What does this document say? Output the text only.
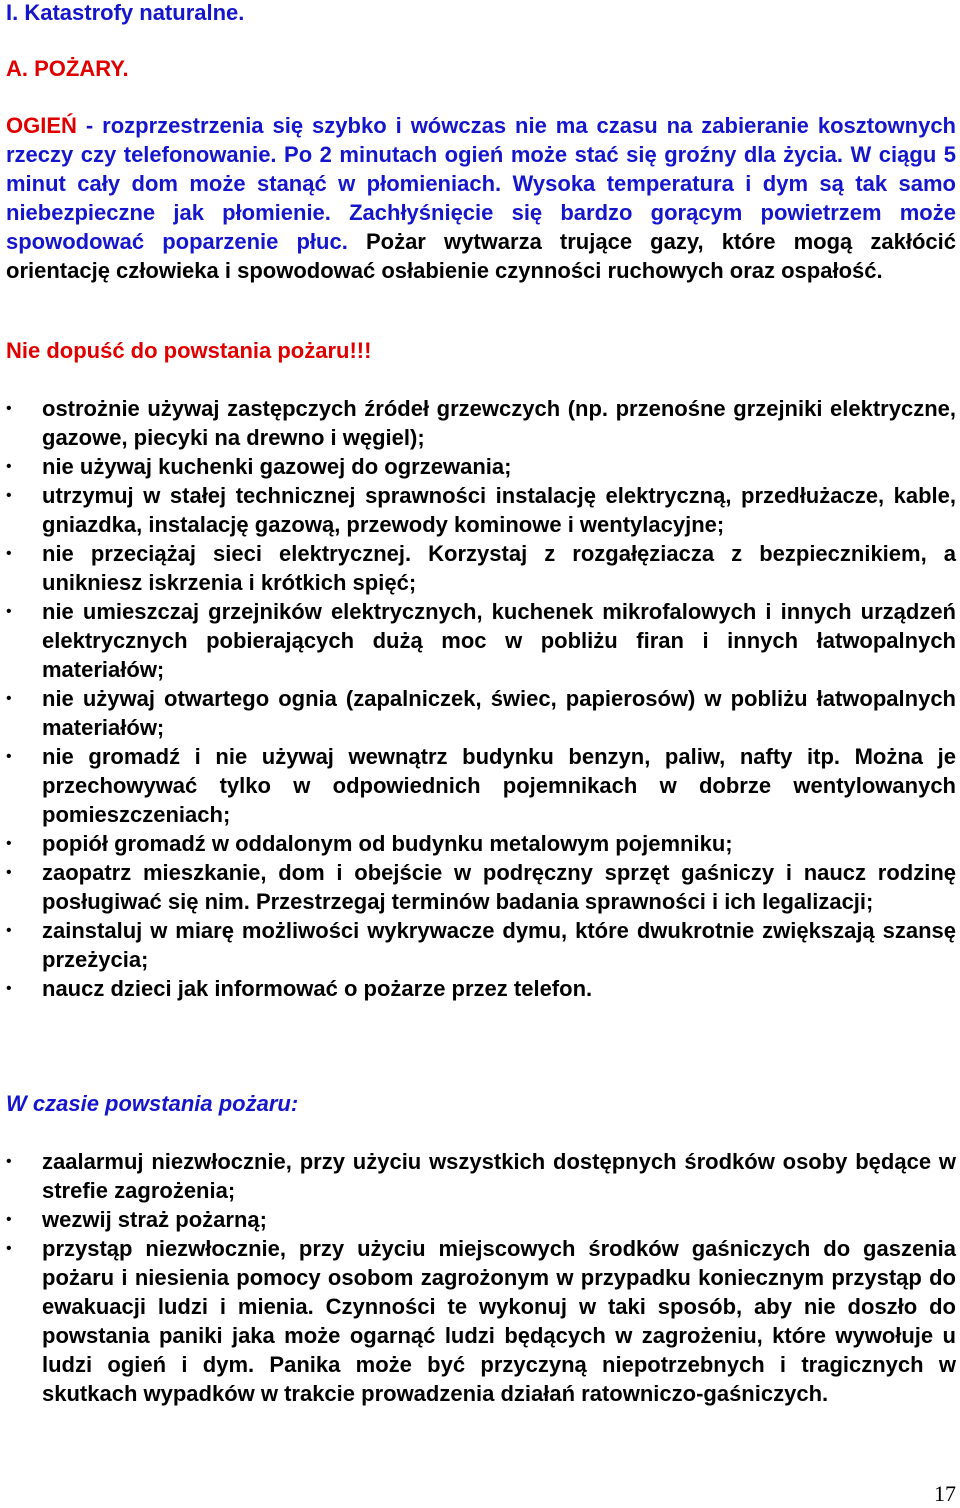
I. Katastrofy naturalne.
A. POŻARY.

OGIEŃ - rozprzestrzenia się szybko i wówczas nie ma czasu na zabieranie kosztownych rzeczy czy telefonowanie. Po 2 minutach ogień może stać się groźny dla życia. W ciągu 5 minut cały dom może stanąć w płomieniach. Wysoka temperatura i dym są tak samo niebezpieczne jak płomienie. Zachłyśnięcie się bardzo gorącym powietrzem może spowodować poparzenie płuc. Pożar wytwarza trujące gazy, które mogą zakłócić orientację człowieka i spowodować osłabienie czynności ruchowych oraz ospałość.

Nie dopuść do powstania pożaru!!!
• ostrożnie używaj zastępczych źródeł grzewczych (np. przenośne grzejniki elektryczne, gazowe, piecyki na drewno i węgiel);
• nie używaj kuchenki gazowej do ogrzewania;
• utrzymuj w stałej technicznej sprawności instalację elektryczną, przedłużacze, kable, gniazdka, instalację gazową, przewody kominowe i wentylacyjne;
• nie przeciążaj sieci elektrycznej. Korzystaj z rozgałęziacza z bezpiecznikiem, a unikniesz iskrzenia i krótkich spięć;
• nie umieszczaj grzejników elektrycznych, kuchenek mikrofalowych i innych urządzeń elektrycznych pobierających dużą moc w pobliżu firan i innych łatwopalnych materiałów;
• nie używaj otwartego ognia (zapalniczek, świec, papierosów) w pobliżu łatwopalnych materiałów;
• nie gromadź i nie używaj wewnątrz budynku benzyn, paliw, nafty itp. Można je przechowywać tylko w odpowiednich pojemnikach w dobrze wentylowanych pomieszczeniach;
• popiół gromadź w oddalonym od budynku metalowym pojemniku;
• zaopatrz mieszkanie, dom i obejście w podręczny sprzęt gaśniczy i naucz rodzinę posługiwać się nim. Przestrzegaj terminów badania sprawności i ich legalizacji;
• zainstaluj w miarę możliwości wykrywacze dymu, które dwukrotnie zwiększają szansę przeżycia;
• naucz dzieci jak informować o pożarze przez telefon.
W czasie powstania pożaru:
• zaalarmuj niezwłocznie, przy użyciu wszystkich dostępnych środków osoby będące w strefie zagrożenia;
• wezwij straż pożarną;
• przystąp niezwłocznie, przy użyciu miejscowych środków gaśniczych do gaszenia pożaru i niesienia pomocy osobom zagrożonym w przypadku koniecznym przystąp do ewakuacji ludzi i mienia. Czynności te wykonuj w taki sposób, aby nie doszło do powstania paniki jaka może ogarnąć ludzi będących w zagrożeniu, które wywołuje u ludzi ogień i dym. Panika może być przyczyną niepotrzebnych i tragicznych w skutkach wypadków w trakcie prowadzenia działań ratowniczo-gaśniczych.
17
